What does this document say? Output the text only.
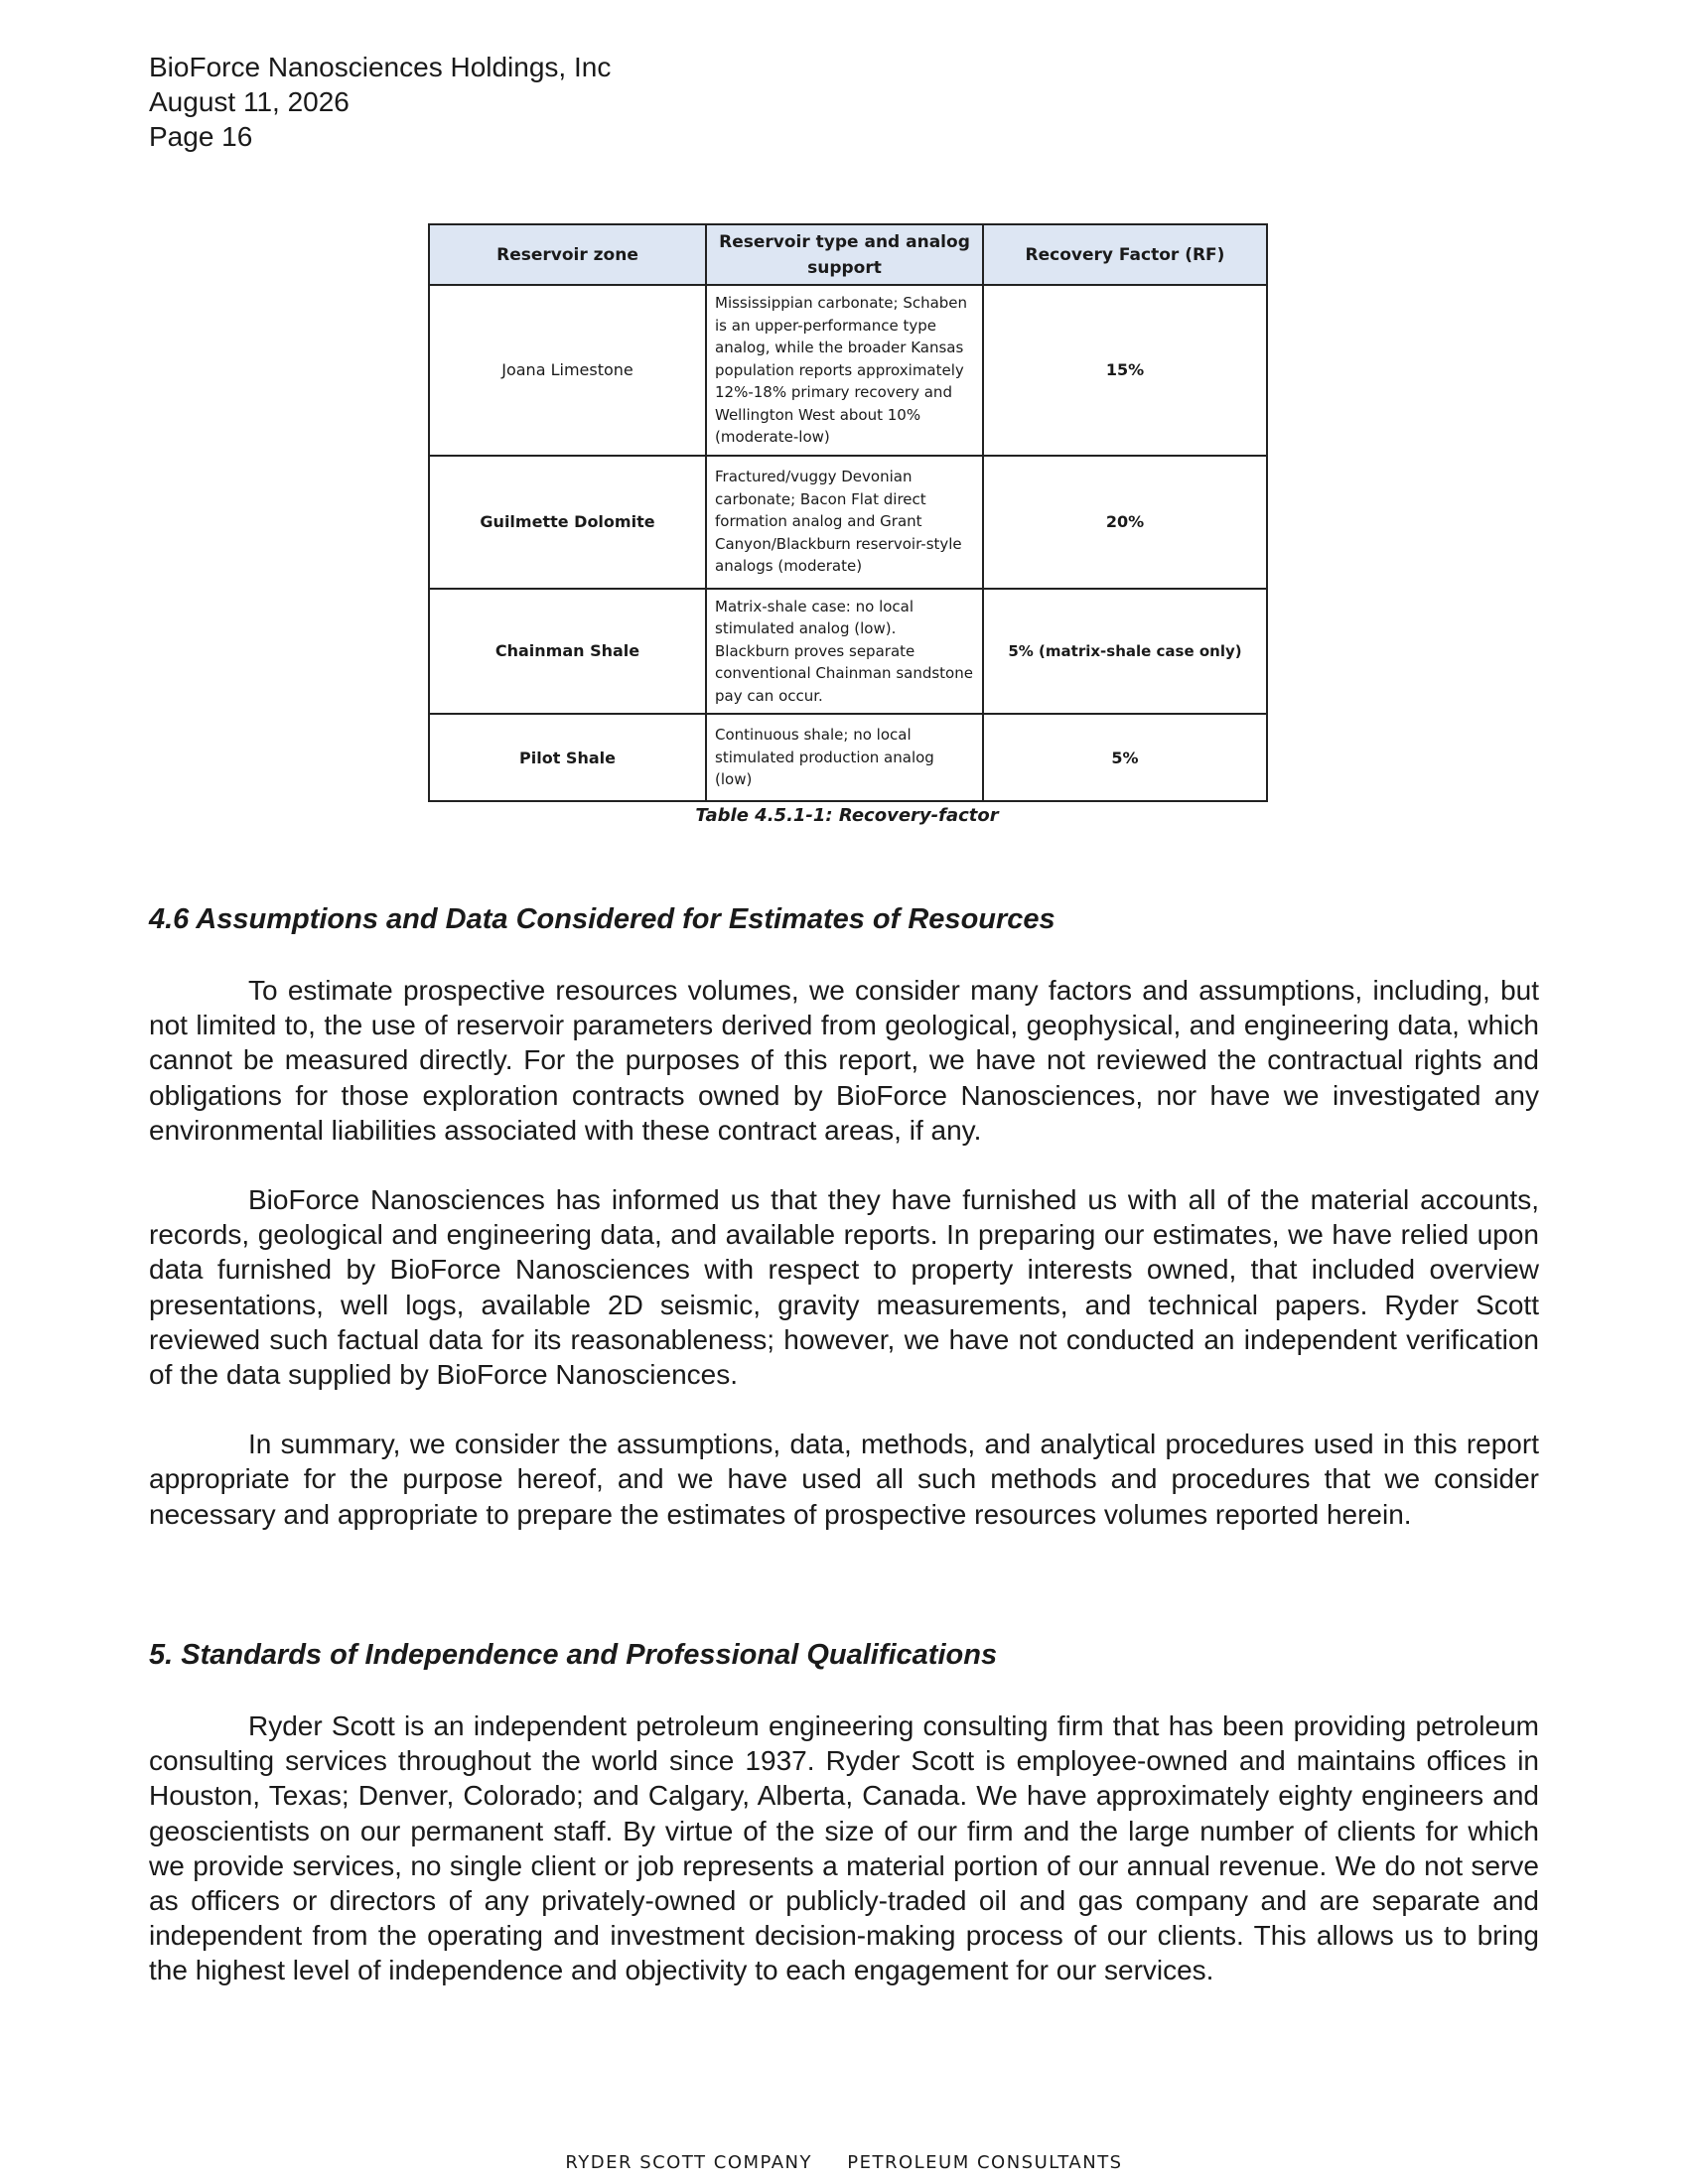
BioForce Nanosciences Holdings, Inc
August 11, 2026
Page 16
Reservoir zone	Reservoir type and analog support	Recovery Factor (RF)
Joana Limestone	Mississippian carbonate; Schaben is an upper-performance type analog, while the broader Kansas population reports approximately 12%-18% primary recovery and Wellington West about 10% (moderate-low)	15%
Guilmette Dolomite	Fractured/vuggy Devonian carbonate; Bacon Flat direct formation analog and Grant Canyon/Blackburn reservoir-style analogs (moderate)	20%
Chainman Shale	Matrix-shale case: no local stimulated analog (low). Blackburn proves separate conventional Chainman sandstone pay can occur.	5% (matrix-shale case only)
Pilot Shale	Continuous shale; no local stimulated production analog (low)	5%
Table 4.5.1-1: Recovery-factor
4.6 Assumptions and Data Considered for Estimates of Resources

To estimate prospective resources volumes, we consider many factors and assumptions, including, but not limited to, the use of reservoir parameters derived from geological, geophysical, and engineering data, which cannot be measured directly. For the purposes of this report, we have not reviewed the contractual rights and obligations for those exploration contracts owned by BioForce Nanosciences, nor have we investigated any environmental liabilities associated with these contract areas, if any.

BioForce Nanosciences has informed us that they have furnished us with all of the material accounts, records, geological and engineering data, and available reports. In preparing our estimates, we have relied upon data furnished by BioForce Nanosciences with respect to property interests owned, that included overview presentations, well logs, available 2D seismic, gravity measurements, and technical papers. Ryder Scott reviewed such factual data for its reasonableness; however, we have not conducted an independent verification of the data supplied by BioForce Nanosciences.

In summary, we consider the assumptions, data, methods, and analytical procedures used in this report appropriate for the purpose hereof, and we have used all such methods and procedures that we consider necessary and appropriate to prepare the estimates of prospective resources volumes reported herein.

5. Standards of Independence and Professional Qualifications

Ryder Scott is an independent petroleum engineering consulting firm that has been providing petroleum consulting services throughout the world since 1937. Ryder Scott is employee-owned and maintains offices in Houston, Texas; Denver, Colorado; and Calgary, Alberta, Canada. We have approximately eighty engineers and geoscientists on our permanent staff. By virtue of the size of our firm and the large number of clients for which we provide services, no single client or job represents a material portion of our annual revenue. We do not serve as officers or directors of any privately-owned or publicly-traded oil and gas company and are separate and independent from the operating and investment decision-making process of our clients. This allows us to bring the highest level of independence and objectivity to each engagement for our services.

RYDER SCOTT COMPANY PETROLEUM CONSULTANTS
